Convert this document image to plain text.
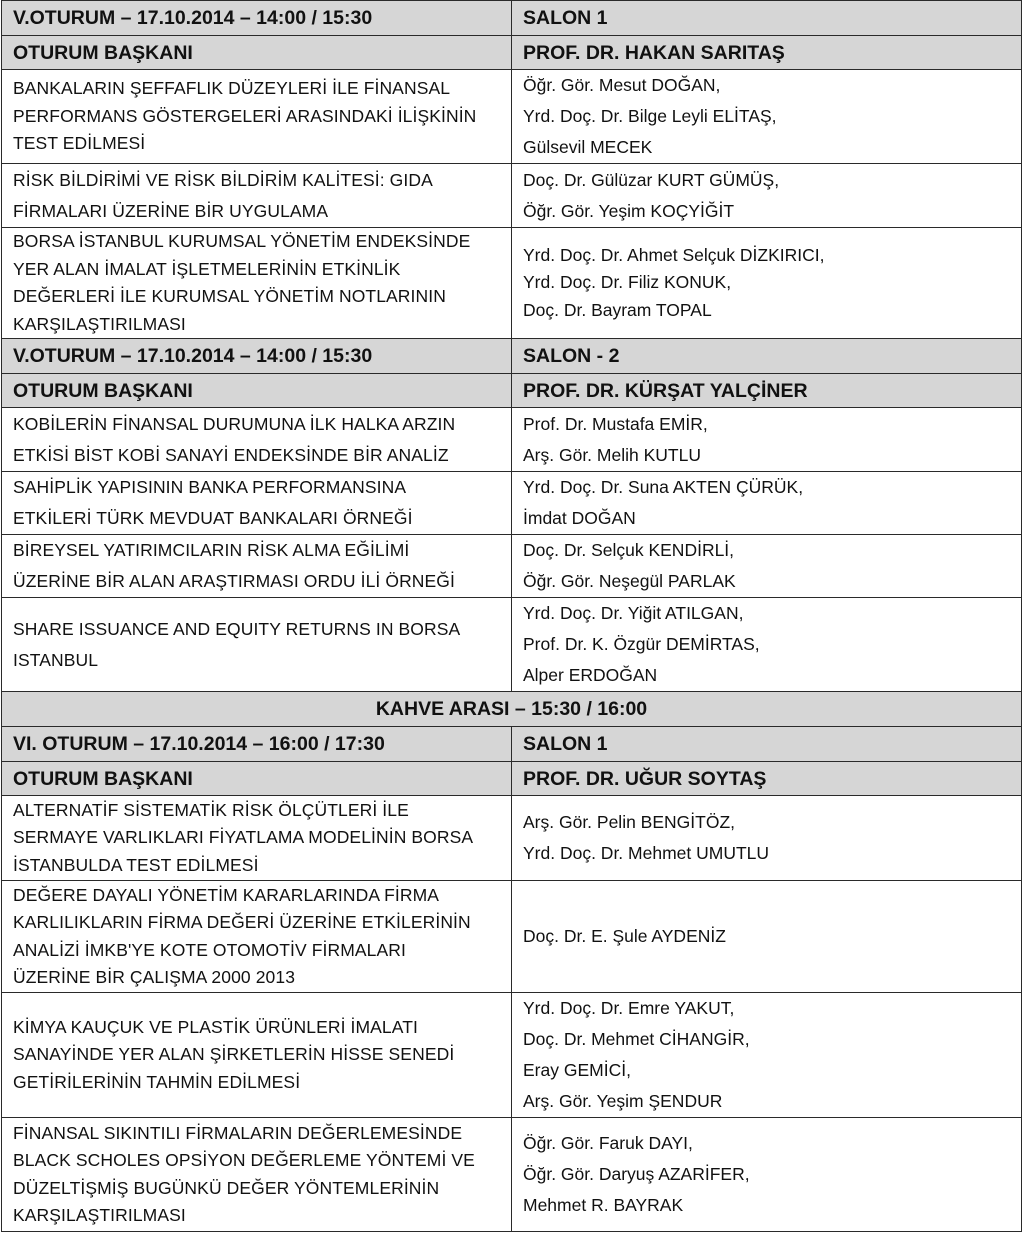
V.OTURUM – 17.10.2014 – 14:00 / 15:30	SALON 1
OTURUM BAŞKANI	PROF. DR. HAKAN SARITAŞ

BANKALARIN ŞEFFAFLIK DÜZEYLERİ İLE FİNANSAL
PERFORMANS GÖSTERGELERİ ARASINDAKİ İLİŞKİNİN
TEST EDİLMESİ	Öğr. Gör. Mesut DOĞAN,
Yrd. Doç. Dr. Bilge Leyli ELİTAŞ,
Gülsevil MECEK

RİSK BİLDİRİMİ VE RİSK BİLDİRİM KALİTESİ: GIDA
FİRMALARI ÜZERİNE BİR UYGULAMA	Doç. Dr. Gülüzar KURT GÜMÜŞ,
Öğr. Gör. Yeşim KOÇYİĞİT

BORSA İSTANBUL KURUMSAL YÖNETİM ENDEKSİNDE
YER ALAN İMALAT İŞLETMELERİNİN ETKİNLİK
DEĞERLERİ İLE KURUMSAL YÖNETİM NOTLARININ
KARŞILAŞTIRILMASI	Yrd. Doç. Dr. Ahmet Selçuk DİZKIRICI,
Yrd. Doç. Dr. Filiz KONUK,
Doç. Dr. Bayram TOPAL

V.OTURUM – 17.10.2014 – 14:00 / 15:30	SALON - 2
OTURUM BAŞKANI	PROF. DR. KÜRŞAT YALÇİNER

KOBİLERİN FİNANSAL DURUMUNA İLK HALKA ARZIN
ETKİSİ BİST KOBİ SANAYİ ENDEKSİNDE BİR ANALİZ	Prof. Dr. Mustafa EMİR,
Arş. Gör. Melih KUTLU

SAHİPLİK YAPISININ BANKA PERFORMANSINA
ETKİLERİ TÜRK MEVDUAT BANKALARI ÖRNEĞİ	Yrd. Doç. Dr. Suna AKTEN ÇÜRÜK,
İmdat DOĞAN

BİREYSEL YATIRIMCILARIN RİSK ALMA EĞİLİMİ
ÜZERİNE BİR ALAN ARAŞTIRMASI ORDU İLİ ÖRNEĞİ	Doç. Dr. Selçuk KENDİRLİ,
Öğr. Gör. Neşegül PARLAK

SHARE ISSUANCE AND EQUITY RETURNS IN BORSA
ISTANBUL	Yrd. Doç. Dr. Yiğit ATILGAN,
Prof. Dr. K. Özgür DEMİRTAS,
Alper ERDOĞAN

KAHVE ARASI – 15:30 / 16:00	
VI. OTURUM – 17.10.2014 – 16:00 / 17:30	SALON 1
OTURUM BAŞKANI	PROF. DR. UĞUR SOYTAŞ

ALTERNATİF SİSTEMATİK RİSK ÖLÇÜTLERİ İLE
SERMAYE VARLIKLARI FİYATLAMA MODELİNİN BORSA
İSTANBULDA TEST EDİLMESİ	Arş. Gör. Pelin BENGİTÖZ,
Yrd. Doç. Dr. Mehmet UMUTLU

DEĞERE DAYALI YÖNETİM KARARLARINDA FİRMA
KARLILIKLARIN FİRMA DEĞERİ ÜZERİNE ETKİLERİNİN
ANALİZİ İMKB'YE KOTE OTOMOTİV FİRMALARI
ÜZERİNE BİR ÇALIŞMA 2000 2013	Doç. Dr. E. Şule AYDENİZ

KİMYA KAUÇUK VE PLASTİK ÜRÜNLERİ İMALATI
SANAYİNDE YER ALAN ŞİRKETLERİN HİSSE SENEDİ
GETİRİLERİNİN TAHMİN EDİLMESİ	Yrd. Doç. Dr. Emre YAKUT,
Doç. Dr. Mehmet CİHANGİR,
Eray GEMİCİ,
Arş. Gör. Yeşim ŞENDUR

FİNANSAL SIKINTILI FİRMALARIN DEĞERLEMESİNDE
BLACK SCHOLES OPSİYON DEĞERLEME YÖNTEMİ VE
DÜZELTİŞMİŞ BUGÜNKÜ DEĞER YÖNTEMLERİNİN
KARŞILAŞTIRILMASI	Öğr. Gör. Faruk DAYI,
Öğr. Gör. Daryuş AZARİFER,
Mehmet R. BAYRAK
